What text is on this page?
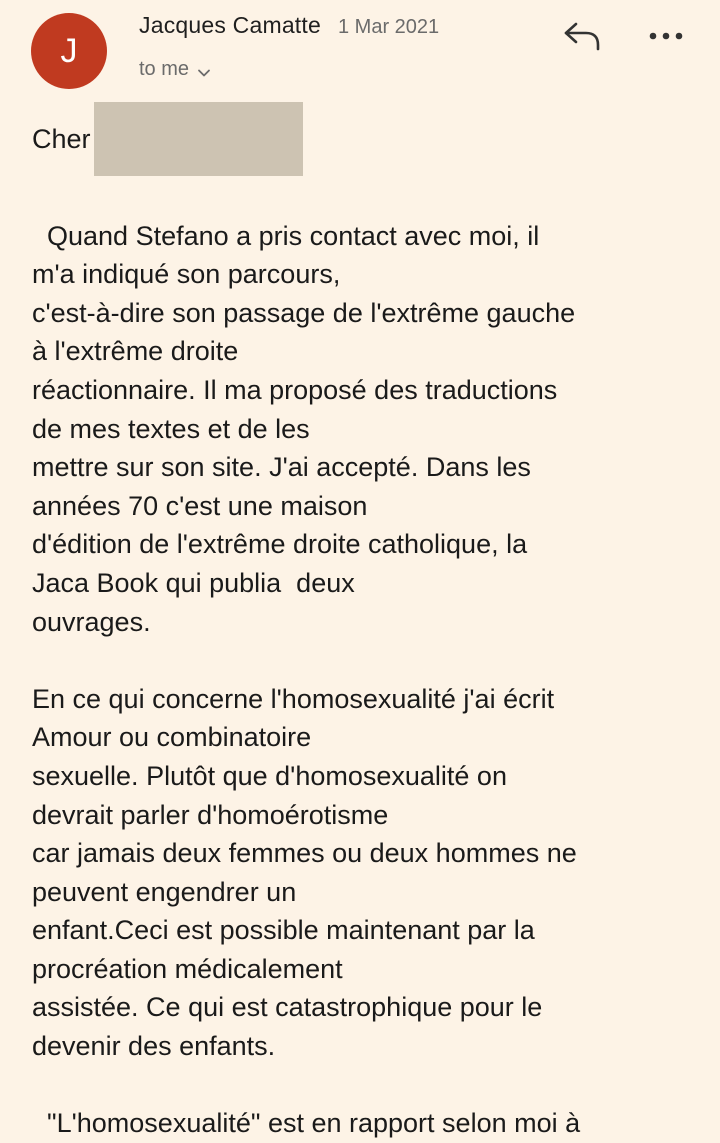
J
Jacques Camatte 1 Mar 2021
to me
Cher

Quand Stefano a pris contact avec moi, il
m'a indiqué son parcours,
c'est-à-dire son passage de l'extrême gauche
à l'extrême droite
réactionnaire. Il ma proposé des traductions
de mes textes et de les
mettre sur son site. J'ai accepté. Dans les
années 70 c'est une maison
d'édition de l'extrême droite catholique, la
Jaca Book qui publia  deux
ouvrages.

En ce qui concerne l'homosexualité j'ai écrit
Amour ou combinatoire
sexuelle. Plutôt que d'homosexualité on
devrait parler d'homoérotisme
car jamais deux femmes ou deux hommes ne
peuvent engendrer un
enfant.Ceci est possible maintenant par la
procréation médicalement
assistée. Ce qui est catastrophique pour le
devenir des enfants.

"L'homosexualité" est en rapport selon moi à
